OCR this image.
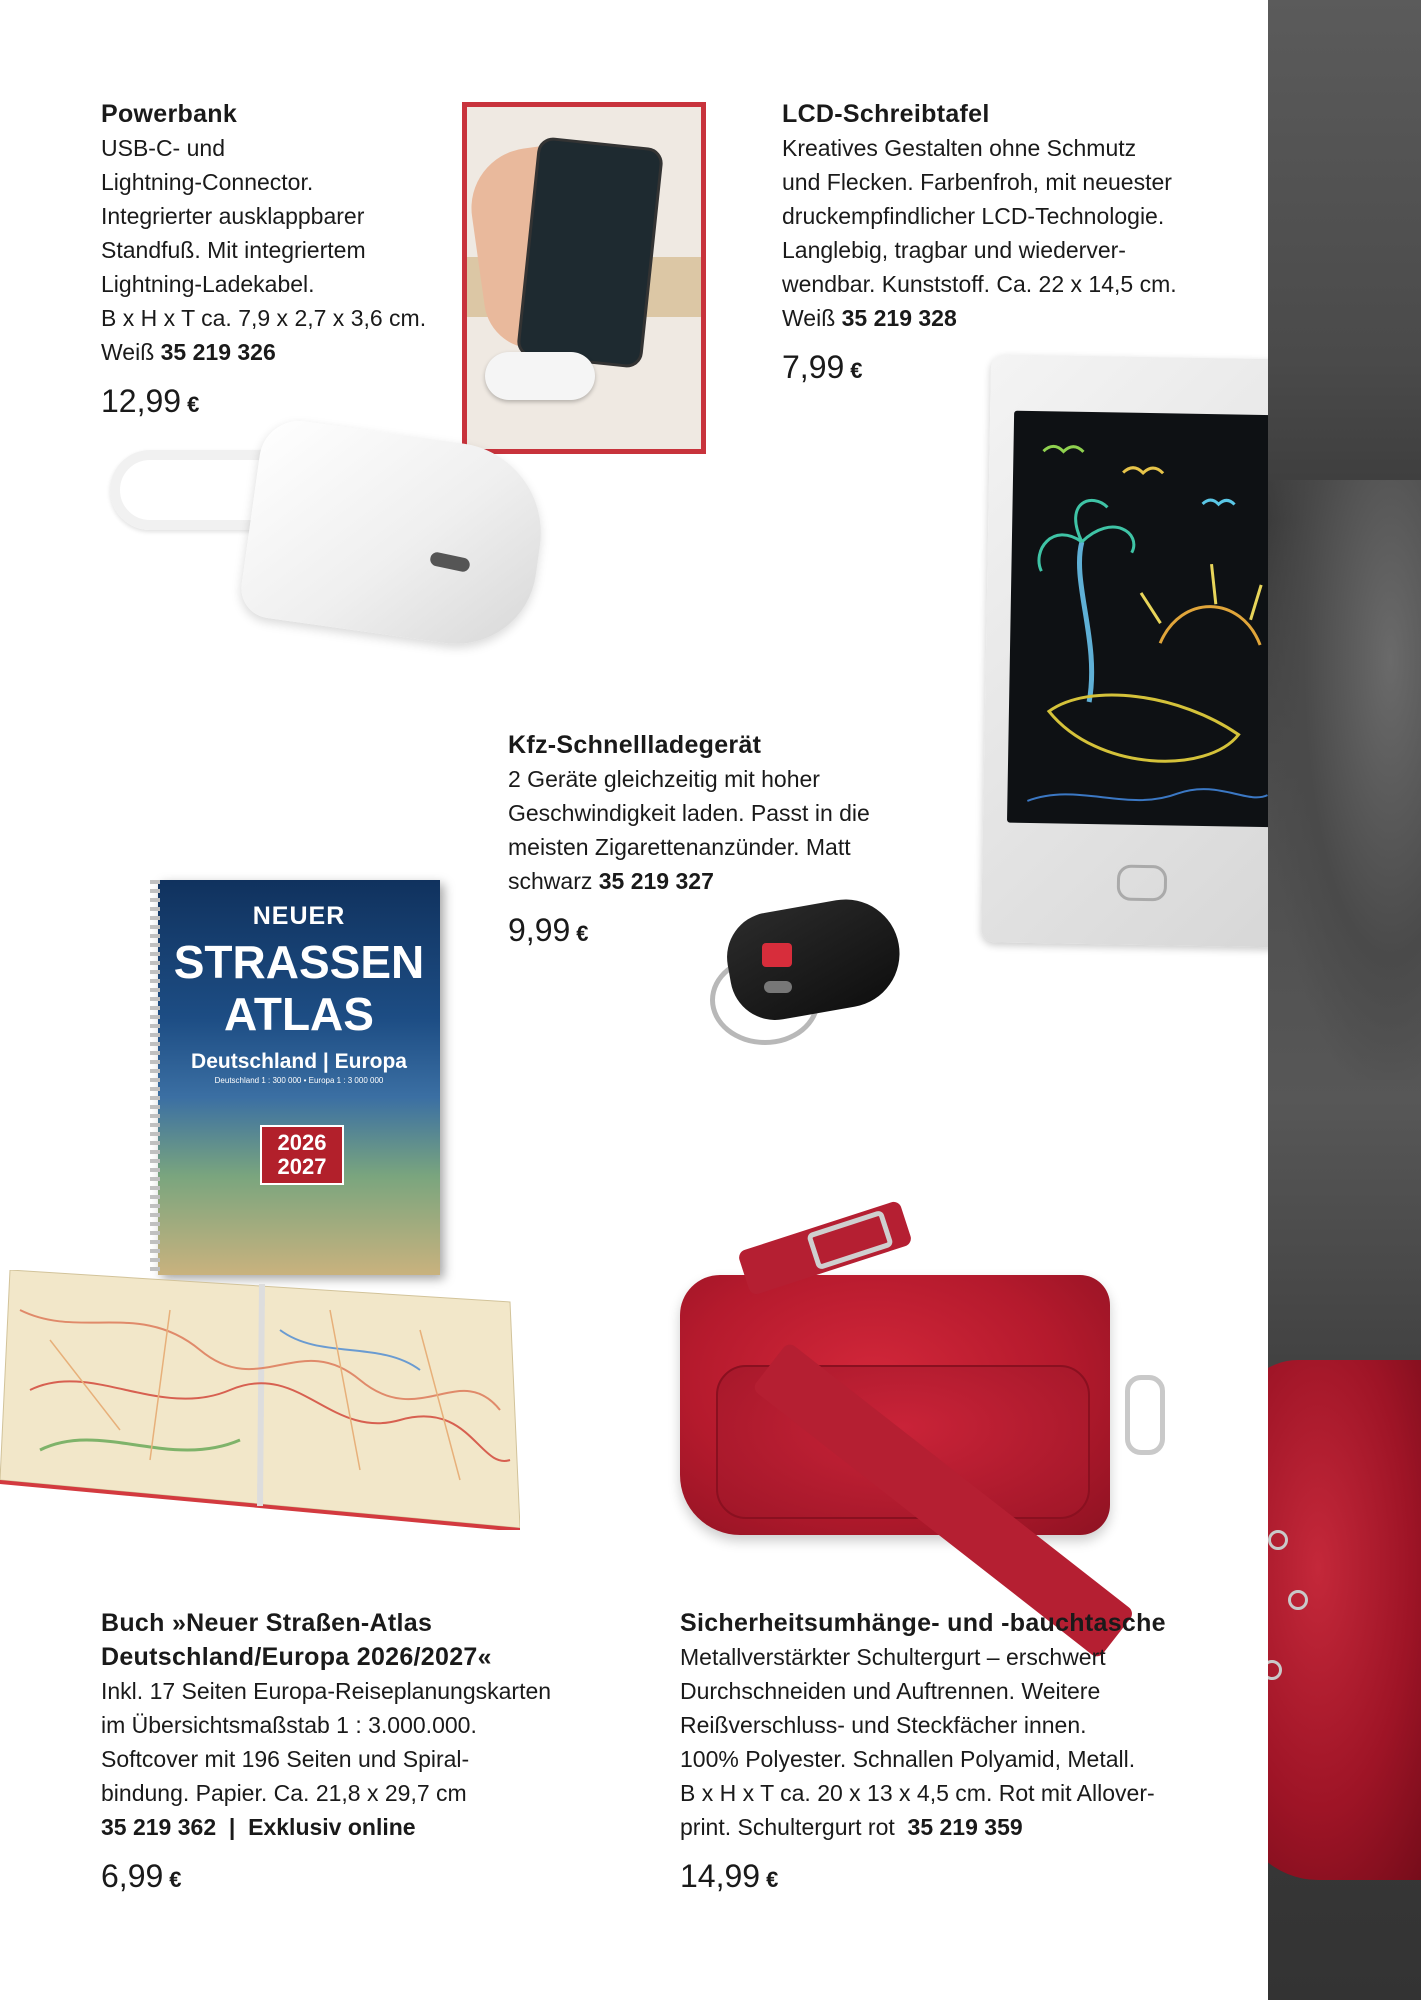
Powerbank
USB-C- und
Lightning-Connector.
Integrierter ausklappbarer
Standfuß. Mit integriertem
Lightning-Ladekabel.
B x H x T ca. 7,9 x 2,7 x 3,6 cm.
Weiß 35 219 326
12,99 €
LCD-Schreibtafel
Kreatives Gestalten ohne Schmutz
und Flecken. Farbenfroh, mit neuester
druckempfindlicher LCD-Technologie.
Langlebig, tragbar und wiederver-
wendbar. Kunststoff. Ca. 22 x 14,5 cm.
Weiß 35 219 328
7,99 €
Kfz-Schnellladegerät
2 Geräte gleichzeitig mit hoher
Geschwindigkeit laden. Passt in die
meisten Zigarettenanzünder. Matt
schwarz 35 219 327
9,99 €
NEUER
STRASSEN
ATLAS
Deutschland | Europa
Deutschland 1 : 300 000 • Europa 1 : 3 000 000
2026
2027
Buch »Neuer Straßen-Atlas
Deutschland/Europa 2026/2027«
Inkl. 17 Seiten Europa-Reiseplanungskarten
im Übersichtsmaßstab 1 : 3.000.000.
Softcover mit 196 Seiten und Spiral-
bindung. Papier. Ca. 21,8 x 29,7 cm
35 219 362 | Exklusiv online
6,99 €
Sicherheitsumhänge- und -bauchtasche
Metallverstärkter Schultergurt – erschwert
Durchschneiden und Auftrennen. Weitere
Reißverschluss- und Steckfächer innen.
100% Polyester. Schnallen Polyamid, Metall.
B x H x T ca. 20 x 13 x 4,5 cm. Rot mit Allover-
print. Schultergurt rot 35 219 359
14,99 €
